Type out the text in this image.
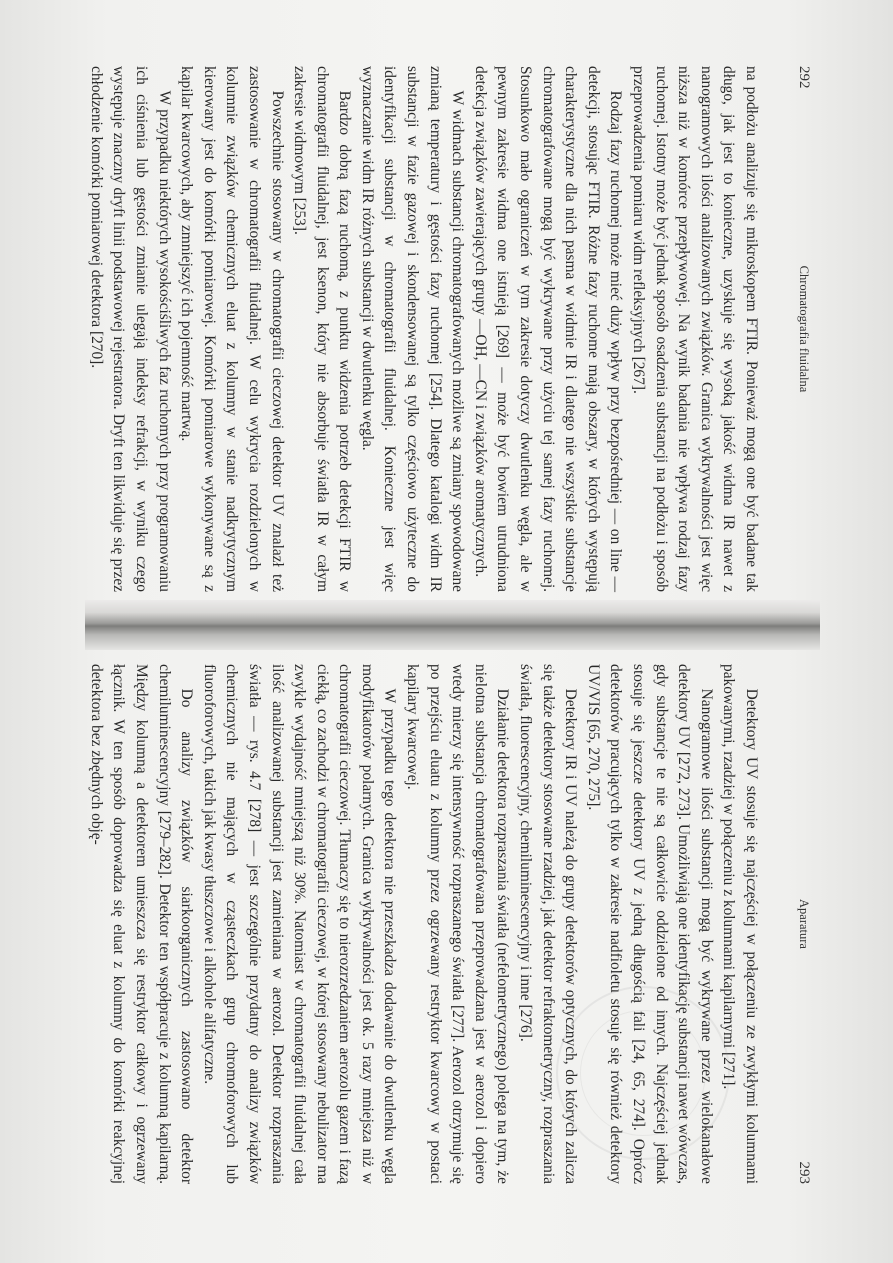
292
Chromatografia fluidalna

na podłożu analizuje się mikroskopem FTIR. Ponieważ mogą one być badane tak długo, jak jest to konieczne, uzyskuje się wysoką jakość widma IR nawet z nanogramowych ilości analizowanych związków. Granica wykrywalności jest więc niższa niż w komórce przepływowej. Na wynik badania nie wpływa rodzaj fazy ruchomej. Istotny może być jednak sposób osadzenia substancji na podłożu i sposób przeprowadzenia pomiaru widm refleksyjnych [267].

Rodzaj fazy ruchomej może mieć duży wpływ przy bezpośredniej — on line — detekcji, stosując FTIR. Różne fazy ruchome mają obszary, w których występują charakterystyczne dla nich pasma w widmie IR i dlatego nie wszystkie substancje chromatografowane mogą być wykrywane przy użyciu tej samej fazy ruchomej. Stosunkowo mało ograniczeń w tym zakresie dotyczy dwutlenku węgla, ale w pewnym zakresie widma one istnieją [269] — może być bowiem utrudniona detekcja związków zawierających grupy —OH, —CN i związków aromatycznych.

W widmach substancji chromatografowanych możliwe są zmiany spowodowane zmianą temperatury i gęstości fazy ruchomej [254]. Dlatego katalogi widm IR substancji w fazie gazowej i skondensowanej są tylko częściowo użyteczne do identyfikacji substancji w chromatografii fluidalnej. Konieczne jest więc wyznaczanie widm IR różnych substancji w dwutlenku węgla.

Bardzo dobrą fazą ruchomą, z punktu widzenia potrzeb detekcji FTIR w chromatografii fluidalnej, jest ksenon, który nie absorbuje światła IR w całym zakresie widmowym [253].

Powszechnie stosowany w chromatografii cieczowej detektor UV znalazł też zastosowanie w chromatografii fluidalnej. W celu wykrycia rozdzielonych w kolumnie związków chemicznych eluat z kolumny w stanie nadkrytycznym kierowany jest do komórki pomiarowej. Komórki pomiarowe wykonywane są z kapilar kwarcowych, aby zmniejszyć ich pojemność martwą.

W przypadku niektórych wysokościśliwych faz ruchomych przy programowaniu ich ciśnienia lub gęstości zmianie ulegają indeksy refrakcji, w wyniku czego występuje znaczny dryft linii podstawowej rejestratora. Dryft ten likwiduje się przez chłodzenie komórki pomiarowej detektora [270].

Aparatura
293

Detektory UV stosuje się najczęściej w połączeniu ze zwykłymi kolumnami pakowanymi, rzadziej w połączeniu z kolumnami kapilarnymi [271].

Nanogramowe ilości substancji mogą być wykrywane przez wielokanałowe detektory UV [272, 273]. Umożliwiają one identyfikację substancji nawet wówczas, gdy substancje te nie są całkowicie oddzielone od innych. Najczęściej jednak stosuje się jeszcze detektory UV z jedną długością fali [24, 65, 274]. Oprócz detektorów pracujących tylko w zakresie nadfioletu stosuje się również detektory UV/VIS [65, 270, 275].

Detektory IR i UV należą do grupy detektorów optycznych, do których zalicza się także detektory stosowane rzadziej, jak detektor refraktometryczny, rozpraszania światła, fluorescencyjny, chemiluminescencyjny i inne [276].

Działanie detektora rozpraszania światła (nefelometrycznego) polega na tym, że nielotna substancja chromatografowana przeprowadzana jest w aerozol i dopiero wtedy mierzy się intensywność rozpraszanego światła [277]. Aerozol otrzymuje się po przejściu eluatu z kolumny przez ogrzewany restryktor kwarcowy w postaci kapilary kwarcowej.

W przypadku tego detektora nie przeszkadza dodawanie do dwutlenku węgla modyfikatorów polarnych. Granica wykrywalności jest ok. 5 razy mniejsza niż w chromatografii cieczowej. Tłumaczy się to nierozrzedzaniem aerozolu gazem i fazą ciekłą, co zachodzi w chromatografii cieczowej, w której stosowany nebulizator ma zwykle wydajność mniejszą niż 30%. Natomiast w chromatografii fluidalnej cała ilość analizowanej substancji jest zamieniana w aerozol. Detektor rozpraszania światła — rys. 4.7 [278] — jest szczególnie przydatny do analizy związków chemicznych nie mających w cząsteczkach grup chromoforowych lub fluoroforowych, takich jak kwasy tłuszczowe i alkohole alifatyczne.

Do analizy związków siarkoorganicznych zastosowano detektor chemiluminescencyjny [279–282]. Detektor ten współpracuje z kolumną kapilarną. Między kolumną a detektorem umieszcza się restryktor całkowy i ogrzewany łącznik. W ten sposób doprowadza się eluat z kolumny do komórki reakcyjnej detektora bez zbędnych obję-
